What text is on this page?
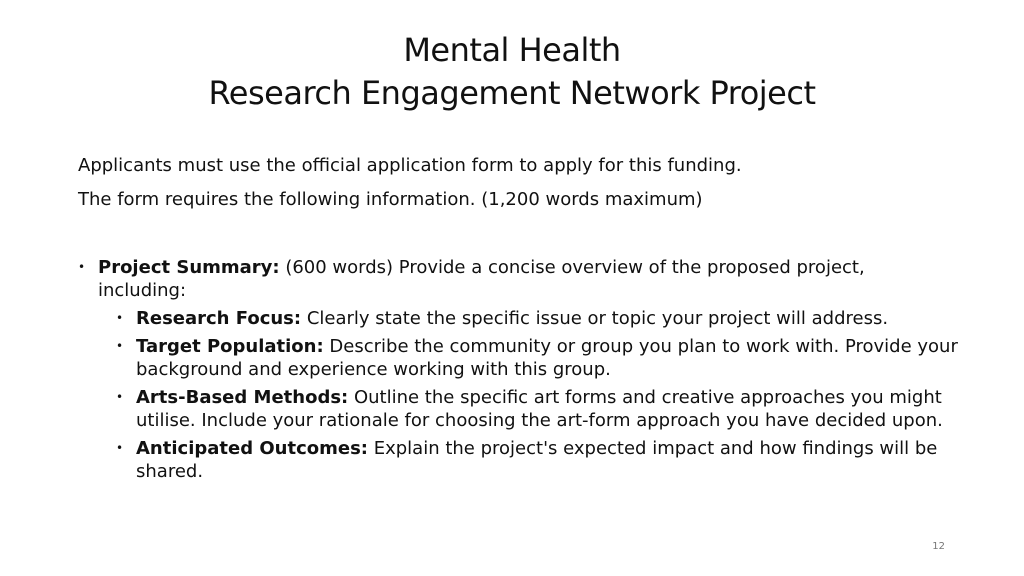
Mental Health
Research Engagement Network Project

Applicants must use the official application form to apply for this funding.

The form requires the following information. (1,200 words maximum)

• Project Summary: (600 words) Provide a concise overview of the proposed project, including:
• Research Focus: Clearly state the specific issue or topic your project will address.
• Target Population: Describe the community or group you plan to work with. Provide your background and experience working with this group.
• Arts-Based Methods: Outline the specific art forms and creative approaches you might utilise. Include your rationale for choosing the art-form approach you have decided upon.
• Anticipated Outcomes: Explain the project's expected impact and how findings will be shared.
12
